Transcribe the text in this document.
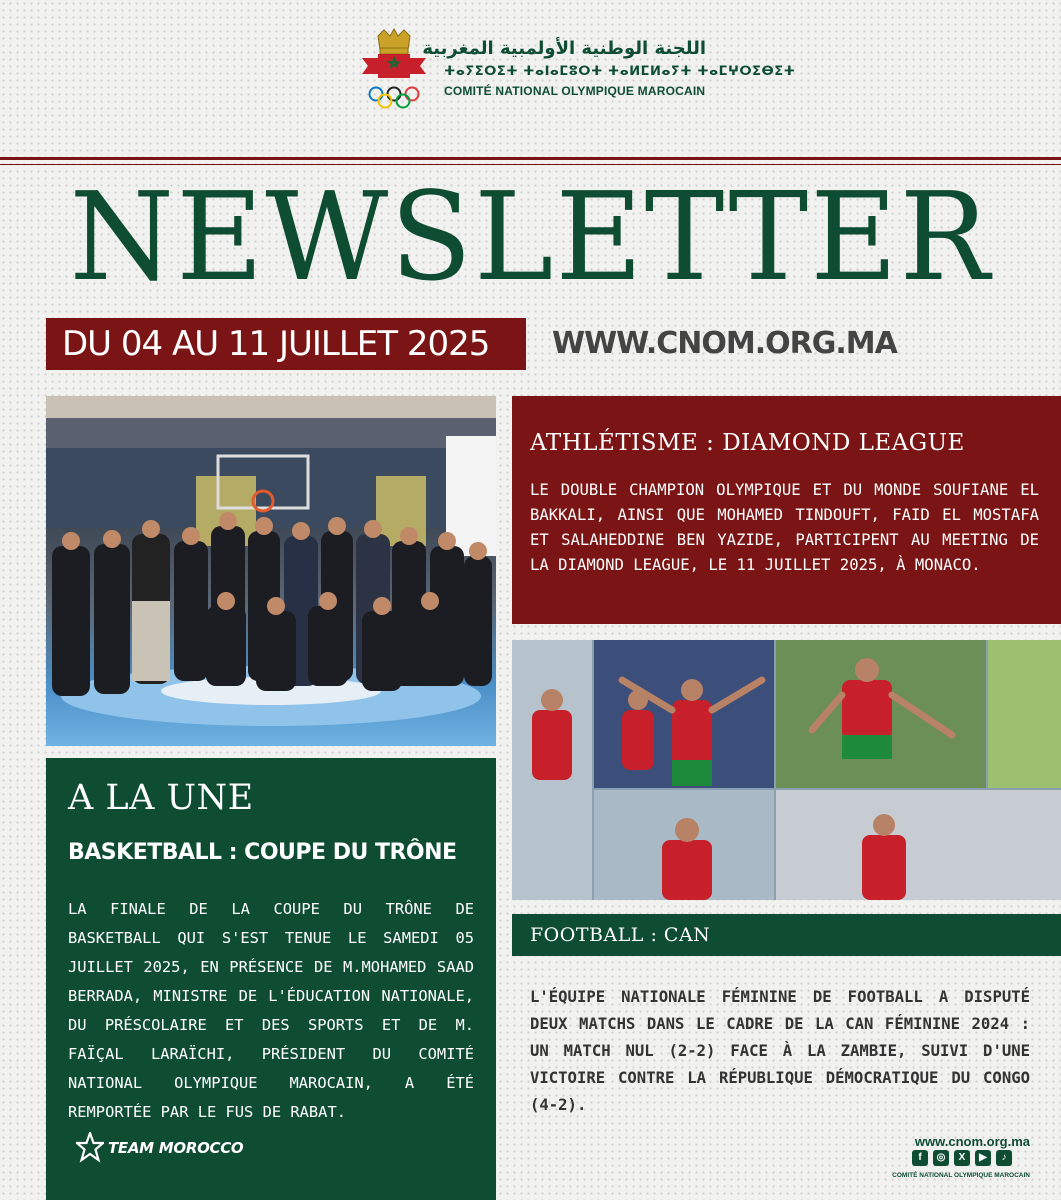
اللجنة الوطنية الأولمبية المغربية
ⵜⴰⵢⵉⵔⵉⵜ ⵜⴰⵏⴰⵎⵓⵔⵜ ⵜⴰⵍⵎⵍⴰⵢⵜ ⵜⴰⵎⵖⵔⵉⴱⵉⵜ
COMITÉ NATIONAL OLYMPIQUE MAROCAIN
NEWSLETTER
DU 04 AU 11 JUILLET 2025	WWW.CNOM.ORG.MA
ATHLÉTISME : DIAMOND LEAGUE
LE DOUBLE CHAMPION OLYMPIQUE ET DU MONDE SOUFIANE EL BAKKALI, AINSI QUE MOHAMED TINDOUFT, FAID EL MOSTAFA ET SALAHEDDINE BEN YAZIDE, PARTICIPENT AU MEETING DE LA DIAMOND LEAGUE, LE 11 JUILLET 2025, À MONACO.
A LA UNE
BASKETBALL : COUPE DU TRÔNE
LA FINALE DE LA COUPE DU TRÔNE DE BASKETBALL QUI S'EST TENUE LE SAMEDI 05 JUILLET 2025, EN PRÉSENCE DE M.MOHAMED SAAD BERRADA, MINISTRE DE L'ÉDUCATION NATIONALE, DU PRÉSCOLAIRE ET DES SPORTS ET DE M. FAÏÇAL LARAÏCHI, PRÉSIDENT DU COMITÉ NATIONAL OLYMPIQUE MAROCAIN, A ÉTÉ REMPORTÉE PAR LE FUS DE RABAT.
TEAM MOROCCO
FOOTBALL : CAN
L'ÉQUIPE NATIONALE FÉMININE DE FOOTBALL A DISPUTÉ DEUX MATCHS DANS LE CADRE DE LA CAN FÉMININE 2024 : UN MATCH NUL (2-2) FACE À LA ZAMBIE, SUIVI D'UNE VICTOIRE CONTRE LA RÉPUBLIQUE DÉMOCRATIQUE DU CONGO (4-2).
www.cnom.org.ma
f	◎	X	▶	♪
COMITÉ NATIONAL OLYMPIQUE MAROCAIN
